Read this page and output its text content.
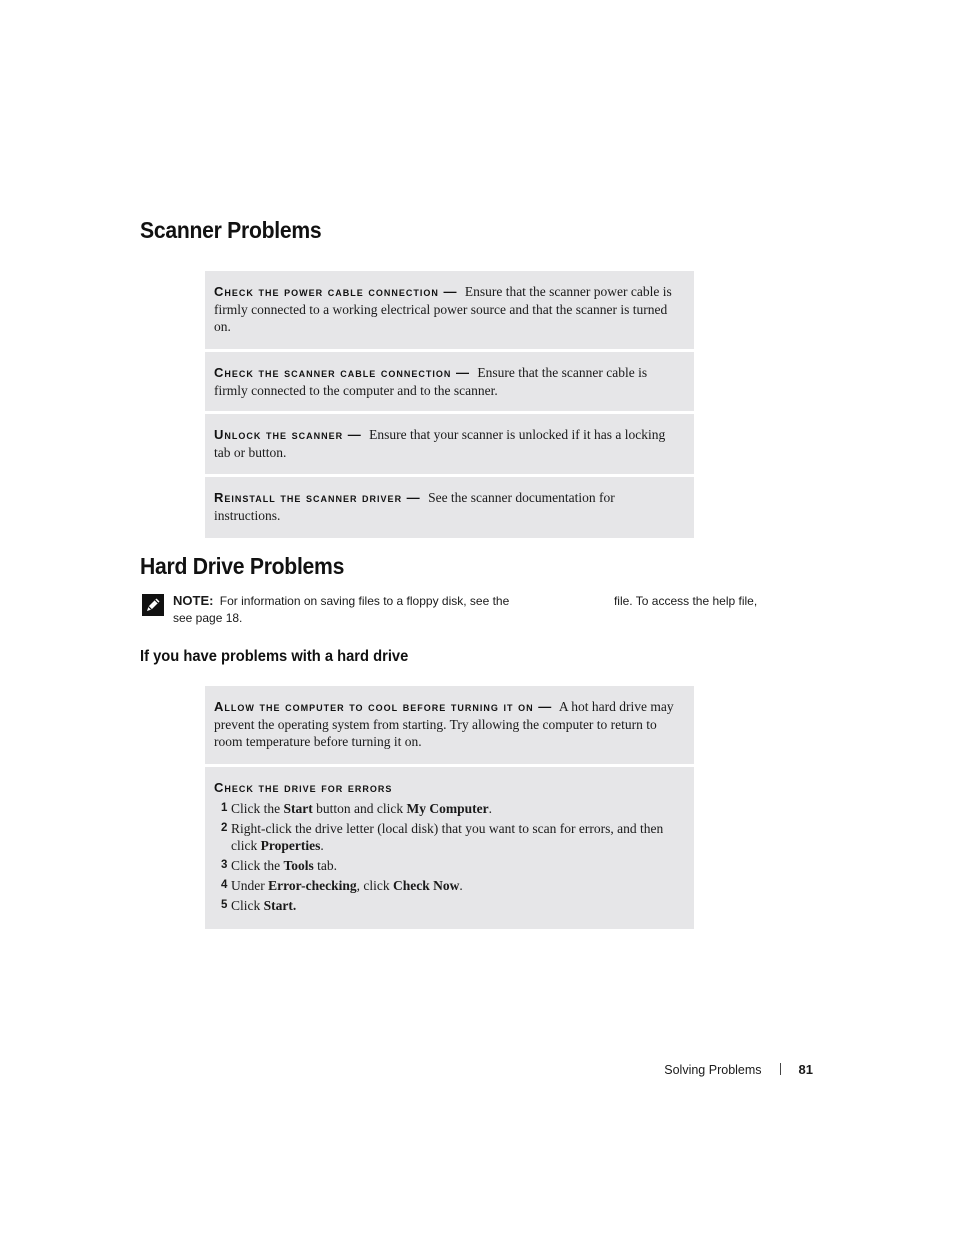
Scanner Problems
Check the power cable connection — Ensure that the scanner power cable is firmly connected to a working electrical power source and that the scanner is turned on.
Check the scanner cable connection — Ensure that the scanner cable is firmly connected to the computer and to the scanner.
Unlock the scanner — Ensure that your scanner is unlocked if it has a locking tab or button.
Reinstall the scanner driver — See the scanner documentation for instructions.
Hard Drive Problems
NOTE: For information on saving files to a floppy disk, see the	file. To access the help file, see page 18.
If you have problems with a hard drive
Allow the computer to cool before turning it on — A hot hard drive may prevent the operating system from starting. Try allowing the computer to return to room temperature before turning it on.
Check the drive for errors
1 Click the Start button and click My Computer.
2 Right-click the drive letter (local disk) that you want to scan for errors, and then click Properties.
3 Click the Tools tab.
4 Under Error-checking, click Check Now.
5 Click Start.
Solving Problems	81
